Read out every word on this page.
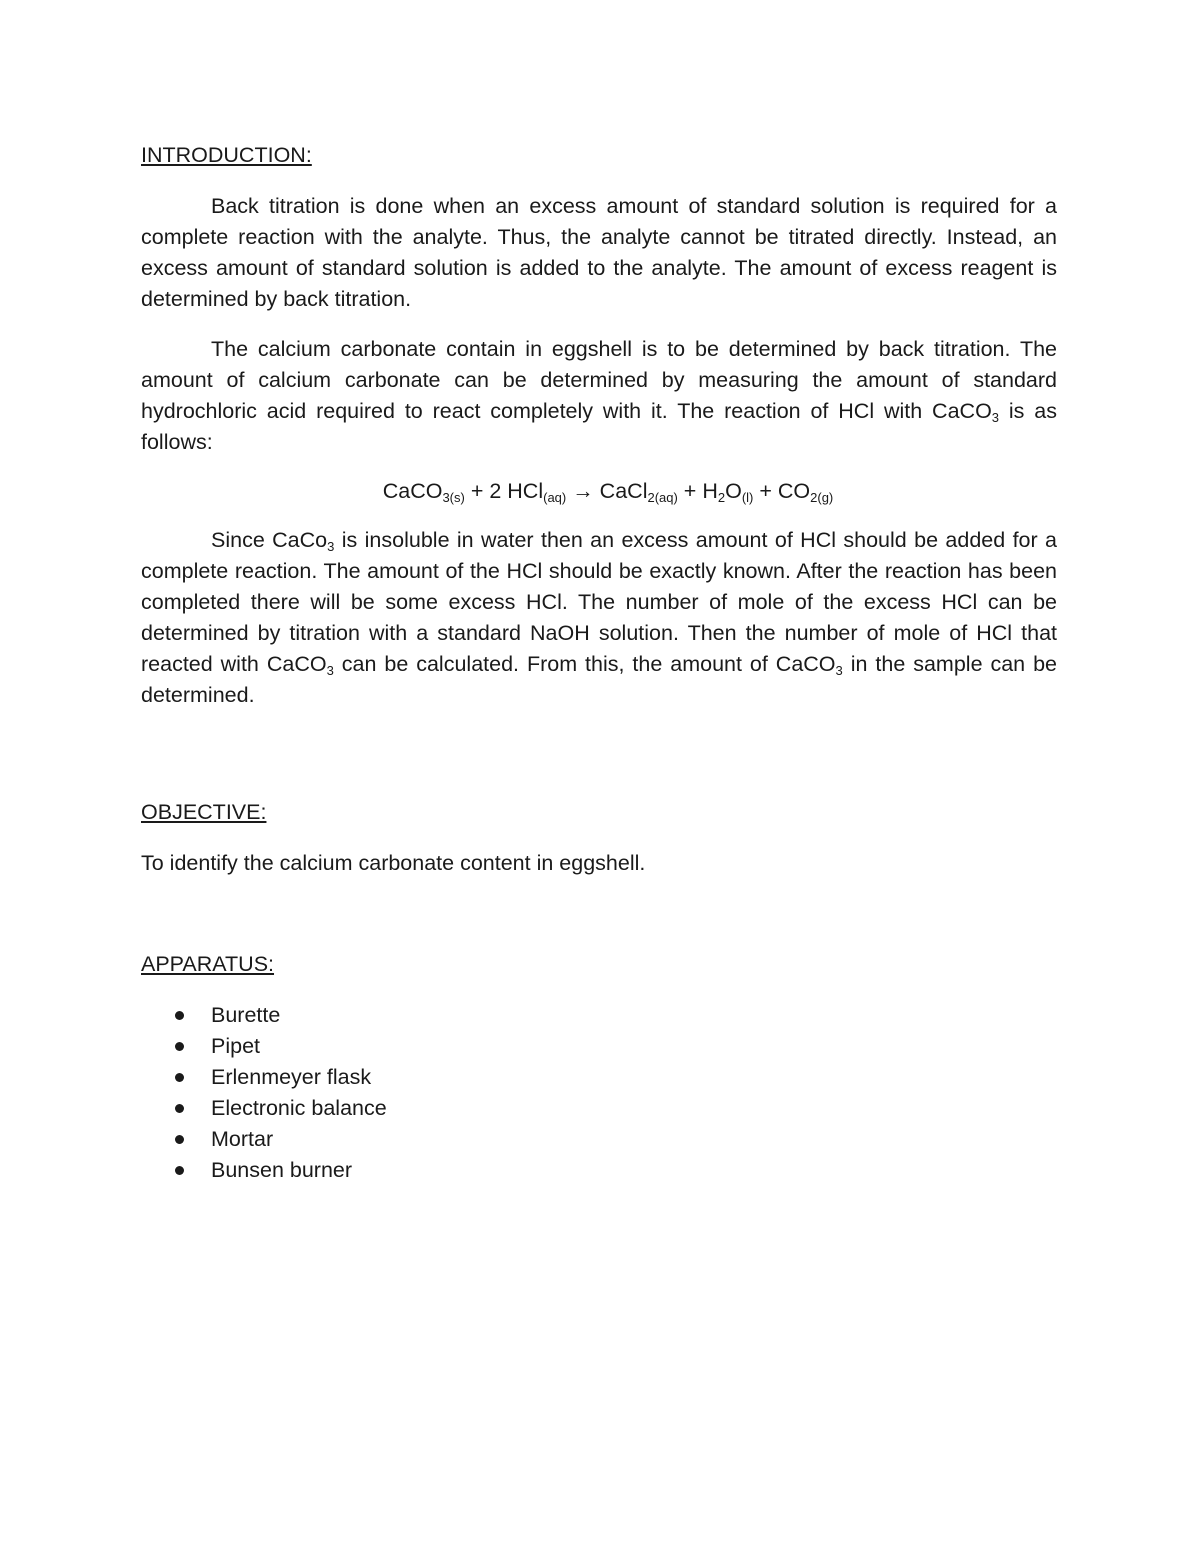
INTRODUCTION:

Back titration is done when an excess amount of standard solution is required for a complete reaction with the analyte. Thus, the analyte cannot be titrated directly. Instead, an excess amount of standard solution is added to the analyte. The amount of excess reagent is determined by back titration.

The calcium carbonate contain in eggshell is to be determined by back titration. The amount of calcium carbonate can be determined by measuring the amount of standard hydrochloric acid required to react completely with it. The reaction of HCl with CaCO$_3$ is as follows:

CaCO$_{3(s)}$ + 2 HCl$_{(aq)}$ → CaCl$_{2(aq)}$ + $H_2O_{(l)} + CO_{2(g)}$

Since CaCo$_3$ is insoluble in water then an excess amount of HCl should be added for a complete reaction. The amount of the HCl should be exactly known. After the reaction has been completed there will be some excess HCl. The number of mole of the excess HCl can be determined by titration with a standard NaOH solution. Then the number of mole of HCl that reacted with CaCO$_3$ can be calculated. From this, the amount of CaCO$_3$ in the sample can be determined.

OBJECTIVE:

To identify the calcium carbonate content in eggshell.

APPARATUS:

Burette
Pipet
Erlenmeyer flask
Electronic balance
Mortar
Bunsen burner
